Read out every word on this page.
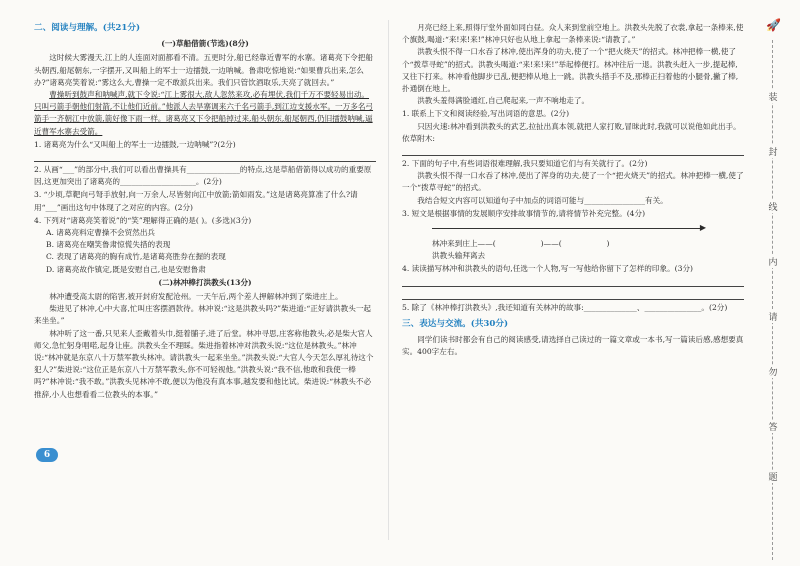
二、阅读与理解。(共21分)

(一)草船借箭(节选)(8分)

这时候大雾漫天,江上的人连面对面都看不清。五更时分,船已经靠近曹军的水寨。诸葛亮下令把船头朝西,船尾朝东,一字摆开,又叫船上的军士一边擂鼓,一边呐喊。鲁肃吃惊地说:“如果曹兵出来,怎么办?”诸葛亮笑着说:“雾这么大,曹操一定不敢派兵出来。我们只管饮酒取乐,天亮了就回去。”

曹操听到鼓声和呐喊声,就下令说:“江上雾很大,敌人忽然来攻,必有埋伏,我们千万不要轻易出动。只叫弓箭手朝他们射箭,不让他们近前。”他派人去旱寨调来六千名弓箭手,到江边支援水军。一万多名弓箭手一齐朝江中放箭,箭好像下雨一样。诸葛亮又下令把船掉过来,船头朝东,船尾朝西,仍旧擂鼓呐喊,逼近曹军水寨去受箭。

1. 诸葛亮为什么“又叫船上的军士一边擂鼓,一边呐喊”?(2分)

2. 从画“___”的部分中,我们可以看出曹操具有______________的特点,这是草船借箭得以成功的重要原因,这更加突出了诸葛亮的____________________。(2分)

3. “少顷,草靶向弓弩手放射,向一万余人,尽皆射向江中放箭;箭如雨发。”这是诸葛亮算准了什么?请用“___”画出这句中体现了之对应的内容。(2分)

4. 下列对“诸葛亮笑着说”的“笑”理解得正确的是( )。(多选)(3分)

A. 诸葛亮料定曹操不会贸然出兵

B. 诸葛亮在嘲笑鲁肃惊慌失措的表现

C. 表现了诸葛亮的胸有成竹,是诸葛亮胜券在握的表现

D. 诸葛亮故作镇定,既是安慰自己,也是安慰鲁肃

(二)林冲棒打洪教头(13分)

林冲遭受高太尉的陷害,被开封府发配沧州。一天午后,两个差人押解林冲到了柴进庄上。

柴进见了林冲,心中大喜,忙叫庄客摆酒款待。林冲说:“这是洪教头吗?”柴进道:“正好请洪教头一起来坐坐。”

林冲听了这一番,只见来人歪戴着头巾,挺着脯子,进了后堂。林冲寻思,庄客称他教头,必是柴大官人师父,急忙躬身唱喏,起身让座。洪教头全不理睬。柴进指着林冲对洪教头说:“这位是林教头。”林冲说:“林冲就是东京八十万禁军教头林冲。请洪教头一起来坐坐。”洪教头说:“大官人今天怎么厚礼待这个犯人?”柴进说:“这位正是东京八十万禁军教头,你不可轻视他。”洪教头说:“我不信,他敢和我使一棒吗?”林冲说:“我不敢。”洪教头见林冲不敢,便以为他没有真本事,越发要和他比试。柴进说:“林教头不必推辞,小人也想看看二位教头的本事。”

月亮已经上来,照得厅堂外面如同白昼。众人来到堂前空地上。洪教头先脱了衣裳,拿起一条棒来,使个旗鼓,喝道:“来!来!来!”林冲只好也从地上拿起一条棒来说:“请教了。”

洪教头恨不得一口水吞了林冲,使出浑身的功夫,使了一个“把火烧天”的招式。林冲把棒一横,使了个“拨草寻蛇”的招式。洪教头喝道:“来!来!来!”举起棒便打。林冲往后一退。洪教头赶入一步,提起棒,又往下打来。林冲看他脚步已乱,便把棒从地上一跳。洪教头措手不及,那棒正扫着他的小腿骨,撇了棒,扑通倒在地上。

洪教头羞得满脸通红,自己爬起来,一声不响地走了。

1. 联系上下文和阅读经验,写出词语的意思。(2分)

只因火速:林冲看到洪教头的武艺,拉扯出真本领,就把人家打败,冒昧此时,我就可以说他如此出手。

依草附木:

2. 下面的句子中,有些词语很难理解,我只要知道它们与有关就行了。(2分)

洪教头恨不得一口水吞了林冲,使出了浑身的功夫,使了一个“把火烧天”的招式。林冲把棒一横,使了一个“拨草寻蛇”的招式。

我结合短文内容可以知道句子中加点的词语可能与________________有关。

3. 短文是根据事情的发展顺序安排故事情节的,请将情节补充完整。(4分)

▶

林冲来到庄上——(	)——(	)

洪教头输拜离去

4. 读读描写林冲和洪教头的语句,任选一个人物,写一写他给你留下了怎样的印象。(3分)

5. 除了《林冲棒打洪教头》,我还知道有关林冲的故事:______________、_______________。(2分)

三、表达与交流。(共30分)

同学们读书时都会有自己的阅读感受,请选择自己读过的一篇文章或一本书,写一篇读后感,感想要真实。400字左右。

🚀
装
封
线
内
请
勿
答
题
6
